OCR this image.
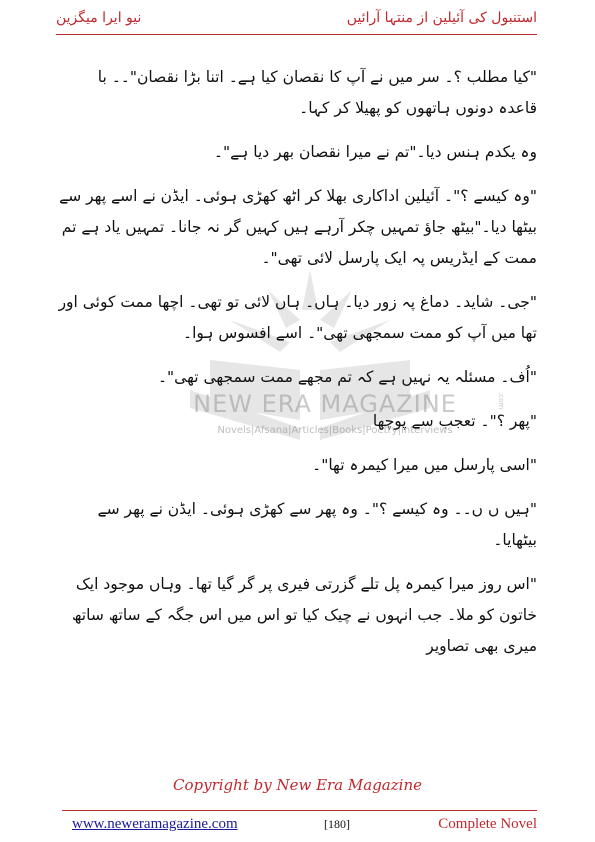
نیو ایرا میگزین	استنبول کی آئیلین از منتہا آرائیں
NEW ERA MAGAZINE
Novels|Afsana|Articles|Books|Poetry|Interviews
.com

"کیا مطلب ؟۔ سر میں نے آپ کا نقصان کیا ہے۔ اتنا بڑا نقصان"۔۔ با قاعدہ دونوں ہاتھوں کو پھیلا کر کہا۔

وہ یکدم ہنس دیا۔"تم نے میرا نقصان بھر دیا ہے"۔

"وہ کیسے ؟"۔ آئیلین اداکاری بھلا کر اٹھ کھڑی ہوئی۔ ایڈن نے اسے پھر سے بیٹھا دیا۔"بیٹھ جاؤ تمہیں چکر آرہے ہیں کہیں گر نہ جانا۔ تمہیں یاد ہے تم ممت کے ایڈریس پہ ایک پارسل لائی تھی"۔

"جی۔ شاید۔ دماغ پہ زور دیا۔ ہاں۔ ہاں لائی تو تھی۔ اچھا ممت کوئی اور تھا میں آپ کو ممت سمجھی تھی"۔ اسے افسوس ہوا۔

"اُف۔ مسئلہ یہ نہیں ہے کہ تم مجھے ممت سمجھی تھی"۔

"پھر ؟"۔ تعجب سے پوچھا

"اسی پارسل میں میرا کیمرہ تھا"۔

"ہیں ں ں۔۔ وہ کیسے ؟"۔ وہ پھر سے کھڑی ہوئی۔ ایڈن نے پھر سے بیٹھایا۔

"اس روز میرا کیمرہ پل تلے گزرتی فیری پر گر گیا تھا۔ وہاں موجود ایک خاتون کو ملا۔ جب انہوں نے چیک کیا تو اس میں اس جگہ کے ساتھ ساتھ میری بھی تصاویر

Copyright by New Era Magazine
www.neweramagazine.com	[180]	Complete Novel
